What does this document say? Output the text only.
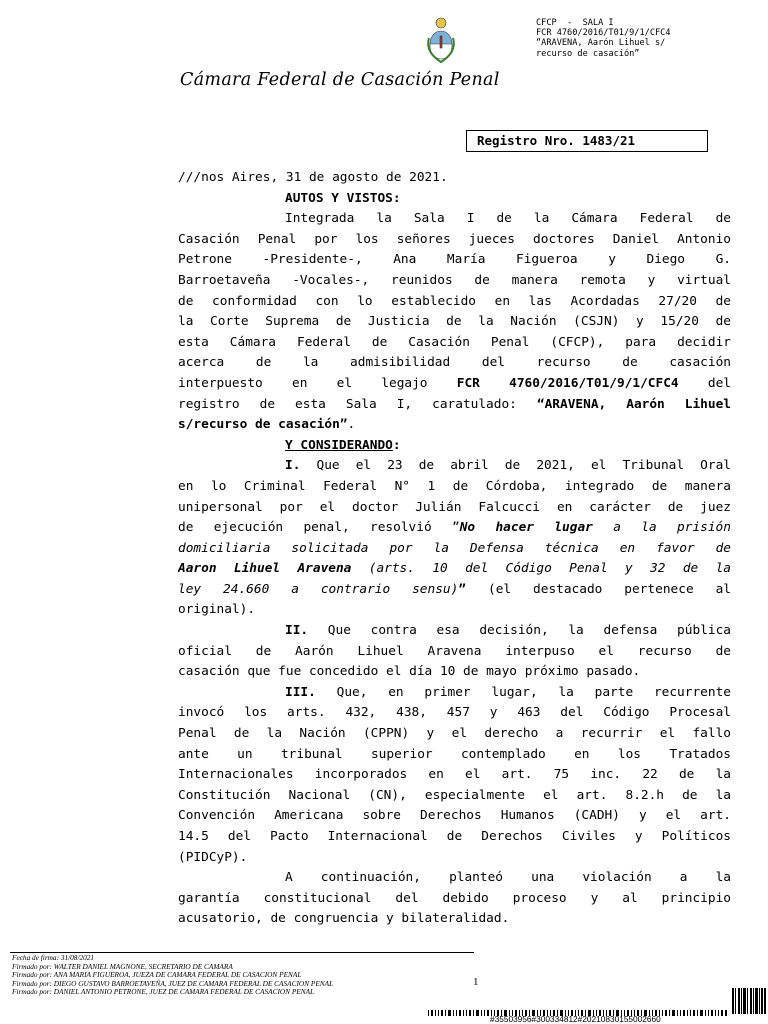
CFCP  -  SALA I
FCR 4760/2016/T01/9/1/CFC4
“ARAVENA, Aarón Lihuel s/
recurso de casación”
Cámara Federal de Casación Penal
Registro Nro. 1483/21
///nos Aires, 31 de agosto de 2021.
AUTOS Y VISTOS:
Integrada la Sala I de la Cámara Federal de
Casación Penal por los señores jueces doctores Daniel Antonio
Petrone -Presidente-, Ana María Figueroa y Diego G.
Barroetaveña -Vocales-, reunidos de manera remota y virtual
de conformidad con lo establecido en las Acordadas 27/20 de
la Corte Suprema de Justicia de la Nación (CSJN) y 15/20 de
esta Cámara Federal de Casación Penal (CFCP), para decidir
acerca de la admisibilidad del recurso de casación
interpuesto en el legajo FCR 4760/2016/T01/9/1/CFC4 del
registro de esta Sala I, caratulado: “ARAVENA, Aarón Lihuel
s/recurso de casación”.
Y CONSIDERANDO:
I. Que el 23 de abril de 2021, el Tribunal Oral
en lo Criminal Federal N° 1 de Córdoba, integrado de manera
unipersonal por el doctor Julián Falcucci en carácter de juez
de ejecución penal, resolvió ”No hacer lugar a la prisión
domiciliaria solicitada por la Defensa técnica en favor de
Aaron Lihuel Aravena (arts. 10 del Código Penal y 32 de la
ley 24.660 a contrario sensu)” (el destacado pertenece al
original).
II. Que contra esa decisión, la defensa pública
oficial de Aarón Lihuel Aravena interpuso el recurso de
casación que fue concedido el día 10 de mayo próximo pasado.
III. Que, en primer lugar, la parte recurrente
invocó los arts. 432, 438, 457 y 463 del Código Procesal
Penal de la Nación (CPPN) y el derecho a recurrir el fallo
ante un tribunal superior contemplado en los Tratados
Internacionales incorporados en el art. 75 inc. 22 de la
Constitución Nacional (CN), especialmente el art. 8.2.h de la
Convención Americana sobre Derechos Humanos (CADH) y el art.
14.5 del Pacto Internacional de Derechos Civiles y Políticos
(PIDCyP).
A continuación, planteó una violación a la
garantía constitucional del debido proceso y al principio
acusatorio, de congruencia y bilateralidad.
Fecha de firma: 31/08/2021
Firmado por: WALTER DANIEL MAGNONE, SECRETARIO DE CAMARA
Firmado por: ANA MARIA FIGUEROA, JUEZA DE CAMARA FEDERAL DE CASACION PENAL
Firmado por: DIEGO GUSTAVO BARROETAVEÑA, JUEZ DE CAMARA FEDERAL DE CASACION PENAL
Firmado por: DANIEL ANTONIO PETRONE, JUEZ DE CAMARA FEDERAL DE CASACION PENAL
1
#35503956#300334812#20210830155002660
